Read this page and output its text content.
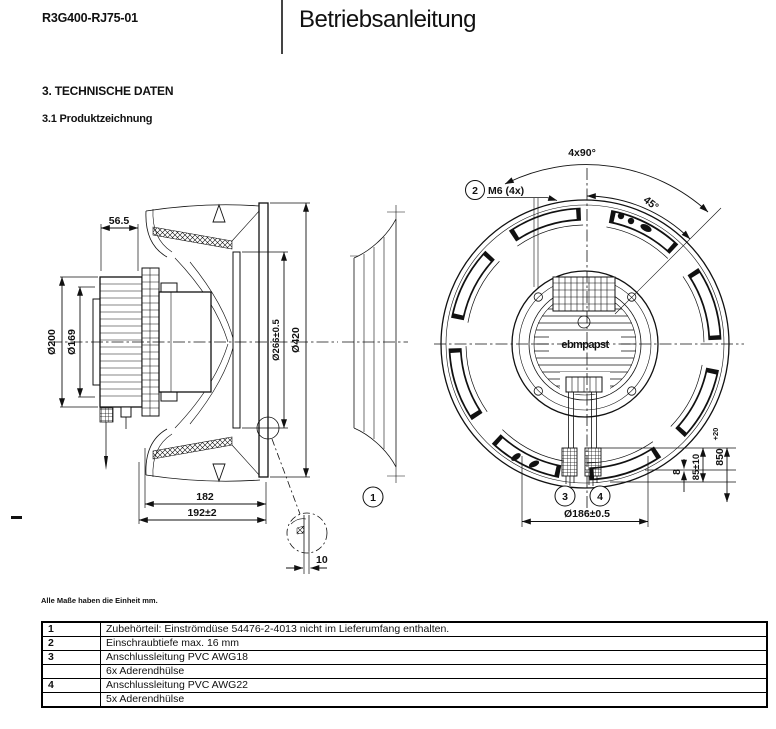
R3G400-RJ75-01	Betriebsanleitung
3. TECHNISCHE DATEN
3.1 Produktzeichnung
56.5
Ø200 Ø169	Ø266±0.5 Ø420
182
192±2
10
1
ebmpapst
4x90°
45°
2 M6 (4x)
3	4
Ø186±0.5
8 85±10 850
+20
Alle Maße haben die Einheit mm.
1	Zubehörteil: Einströmdüse 54476-2-4013 nicht im Lieferumfang enthalten.
2	Einschraubtiefe max. 16 mm
3	Anschlussleitung PVC AWG18
	6x Aderendhülse
4	Anschlussleitung PVC AWG22
	5x Aderendhülse
